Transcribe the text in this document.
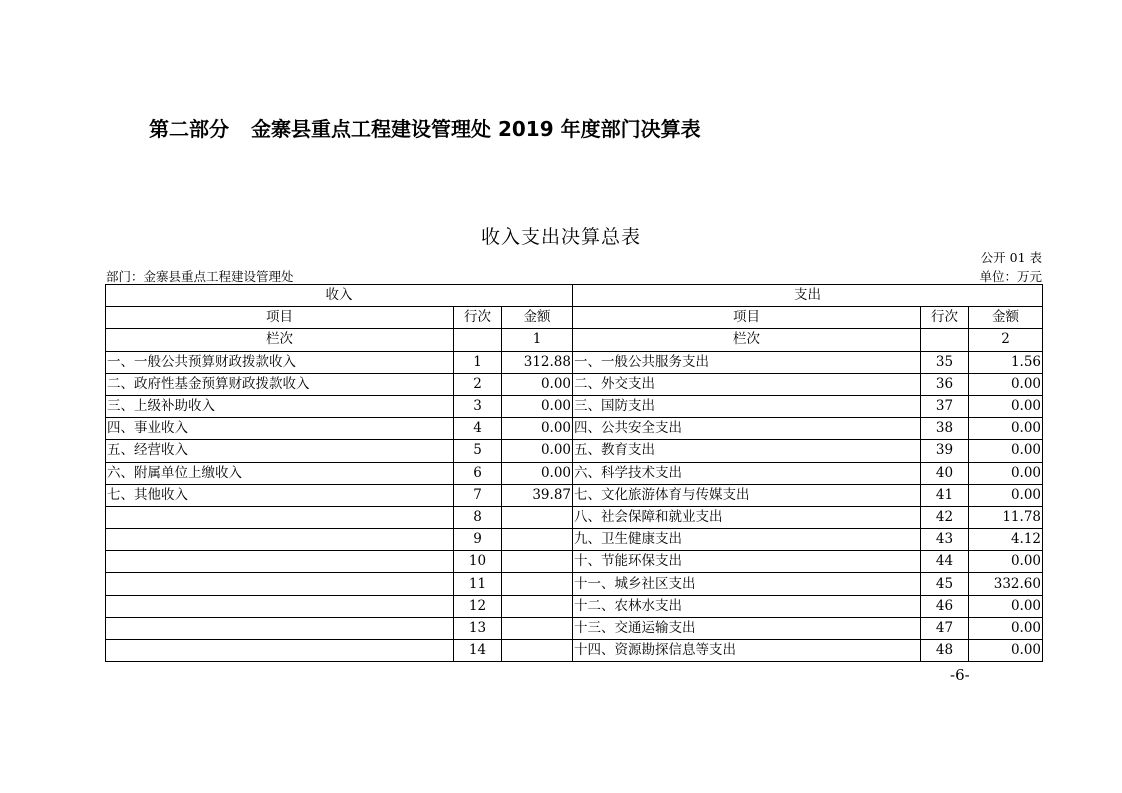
第二部分 金寨县重点工程建设管理处 2019 年度部门决算表
收入支出决算总表
公开 01 表
部门：金寨县重点工程建设管理处	单位：万元
收入			支出		
项目	行次	金额	项目	行次	金额
栏次		1	栏次		2
一、一般公共预算财政拨款收入	1	312.88	一、一般公共服务支出	35	1.56
二、政府性基金预算财政拨款收入	2	0.00	二、外交支出	36	0.00
三、上级补助收入	3	0.00	三、国防支出	37	0.00
四、事业收入	4	0.00	四、公共安全支出	38	0.00
五、经营收入	5	0.00	五、教育支出	39	0.00
六、附属单位上缴收入	6	0.00	六、科学技术支出	40	0.00
七、其他收入	7	39.87	七、文化旅游体育与传媒支出	41	0.00
	8		八、社会保障和就业支出	42	11.78
	9		九、卫生健康支出	43	4.12
	10		十、节能环保支出	44	0.00
	11		十一、城乡社区支出	45	332.60
	12		十二、农林水支出	46	0.00
	13		十三、交通运输支出	47	0.00
	14		十四、资源勘探信息等支出	48	0.00
-6-
